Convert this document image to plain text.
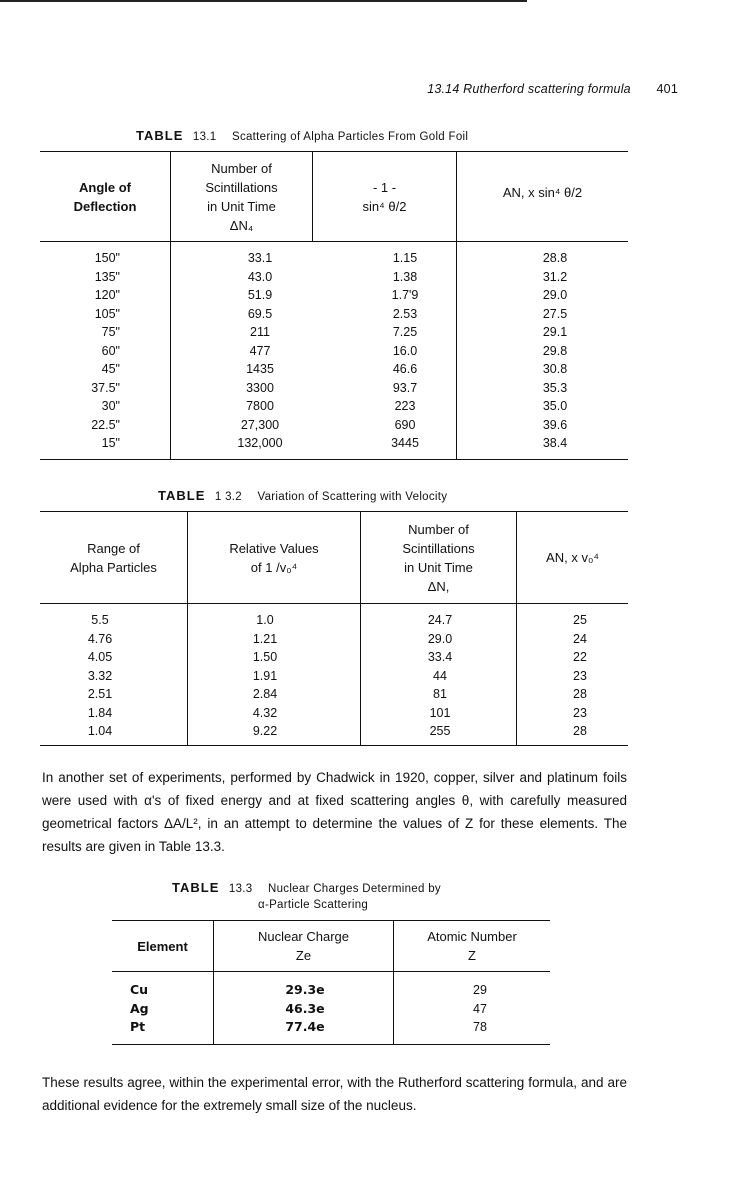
13.14 Rutherford scattering formula 401
TABLE 13.1 Scattering of Alpha Particles From Gold Foil
Angle of
Deflection
Number of
Scintillations
in Unit Time
ΔN₄
- 1 -
sin⁴ θ/2
AN, x sin⁴ θ/2
150"
135"
120"
105"
75"
60"
45"
37.5"
30"
22.5"
15"
33.1
43.0
51.9
69.5
211
477
1435
3300
7800
27,300
132,000
1.15
1.38
1.7'9
2.53
7.25
16.0
46.6
93.7
223
690
3445
28.8
31.2
29.0
27.5
29.1
29.8
30.8
35.3
35.0
39.6
38.4
TABLE 1 3.2 Variation of Scattering with Velocity
Range of
Alpha Particles
Relative Values
of 1 /v₀⁴
Number of
Scintillations
in Unit Time
ΔN,
AN, x v₀⁴
5.5
4.76
4.05
3.32
2.51
1.84
1.04
1.0
1.21
1.50
1.91
2.84
4.32
9.22
24.7
29.0
33.4
44
81
101
255
25
24
22
23
28
23
28
In another set of experiments, performed by Chadwick in 1920, copper, silver and platinum foils were used with α's of fixed energy and at fixed scattering angles θ, with carefully measured geometrical factors ΔA/L², in an attempt to determine the values of Z for these elements. The results are given in Table 13.3.
TABLE 13.3 Nuclear Charges Determined by
α-Particle Scattering
Element
Nuclear Charge
Ze
Atomic Number
Z
Cu
Ag
Pt
29.3e
46.3e
77.4e
29
47
78
These results agree, within the experimental error, with the Rutherford scattering formula, and are additional evidence for the extremely small size of the nucleus.
